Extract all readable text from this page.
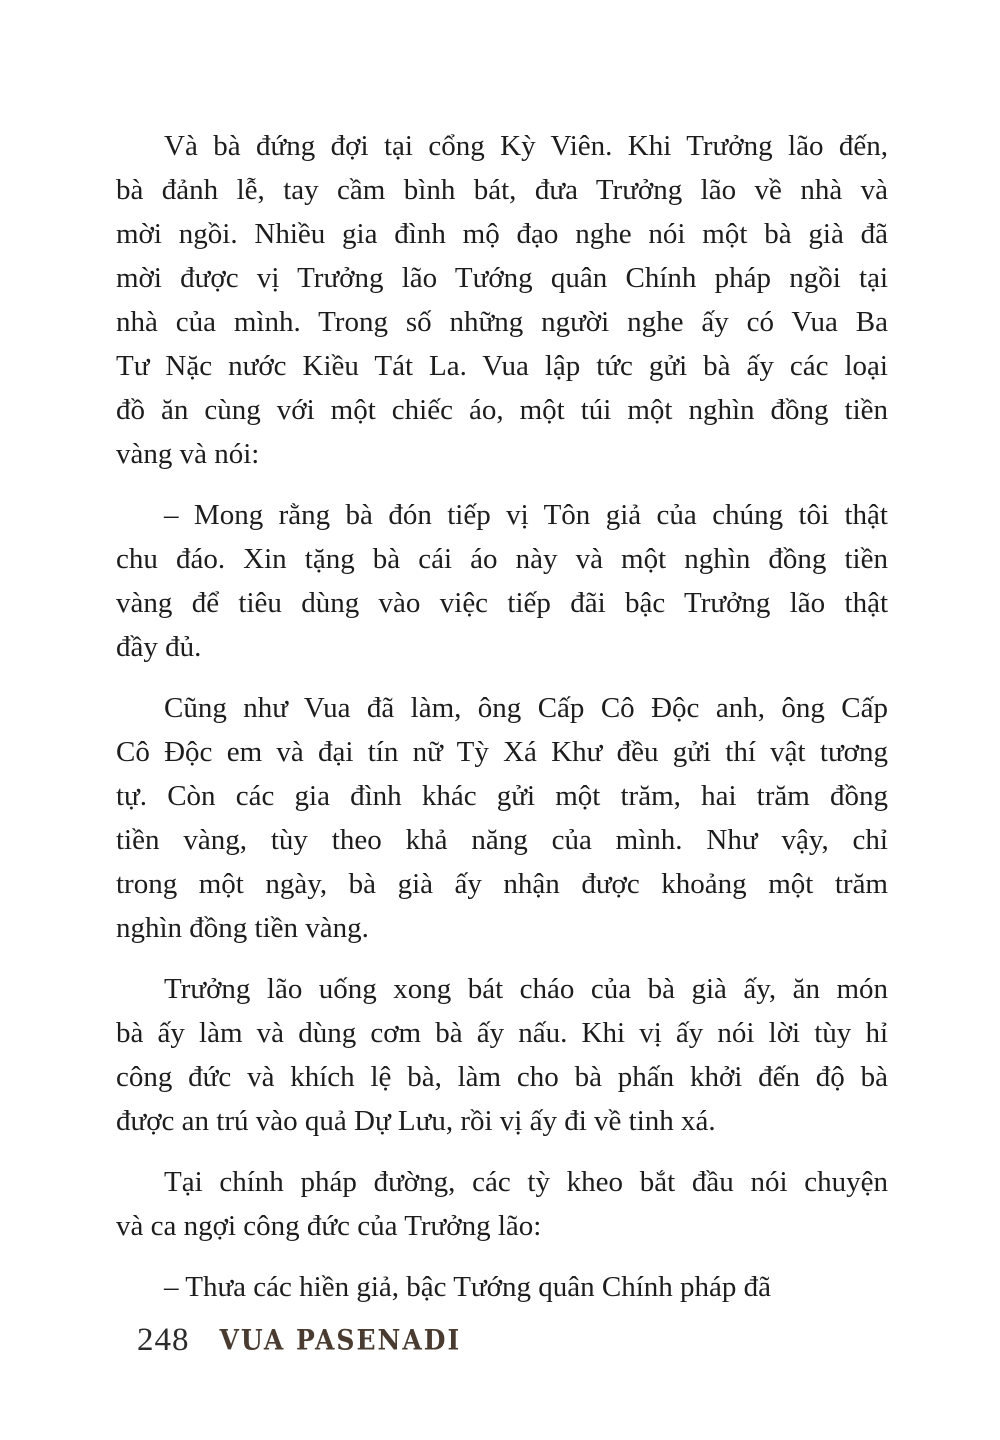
Và bà đứng đợi tại cổng Kỳ Viên. Khi Trưởng lão đến,
bà đảnh lễ, tay cầm bình bát, đưa Trưởng lão về nhà và
mời ngồi. Nhiều gia đình mộ đạo nghe nói một bà già đã
mời được vị Trưởng lão Tướng quân Chính pháp ngồi tại
nhà của mình. Trong số những người nghe ấy có Vua Ba
Tư Nặc nước Kiều Tát La. Vua lập tức gửi bà ấy các loại
đồ ăn cùng với một chiếc áo, một túi một nghìn đồng tiền
vàng và nói:
– Mong rằng bà đón tiếp vị Tôn giả của chúng tôi thật
chu đáo. Xin tặng bà cái áo này và một nghìn đồng tiền
vàng để tiêu dùng vào việc tiếp đãi bậc Trưởng lão thật
đầy đủ.
Cũng như Vua đã làm, ông Cấp Cô Độc anh, ông Cấp
Cô Độc em và đại tín nữ Tỳ Xá Khư đều gửi thí vật tương
tự. Còn các gia đình khác gửi một trăm, hai trăm đồng
tiền vàng, tùy theo khả năng của mình. Như vậy, chỉ
trong một ngày, bà già ấy nhận được khoảng một trăm
nghìn đồng tiền vàng.
Trưởng lão uống xong bát cháo của bà già ấy, ăn món
bà ấy làm và dùng cơm bà ấy nấu. Khi vị ấy nói lời tùy hỉ
công đức và khích lệ bà, làm cho bà phấn khởi đến độ bà
được an trú vào quả Dự Lưu, rồi vị ấy đi về tinh xá.
Tại chính pháp đường, các tỳ kheo bắt đầu nói chuyện
và ca ngợi công đức của Trưởng lão:
– Thưa các hiền giả, bậc Tướng quân Chính pháp đã
248 VUA PASENADI
